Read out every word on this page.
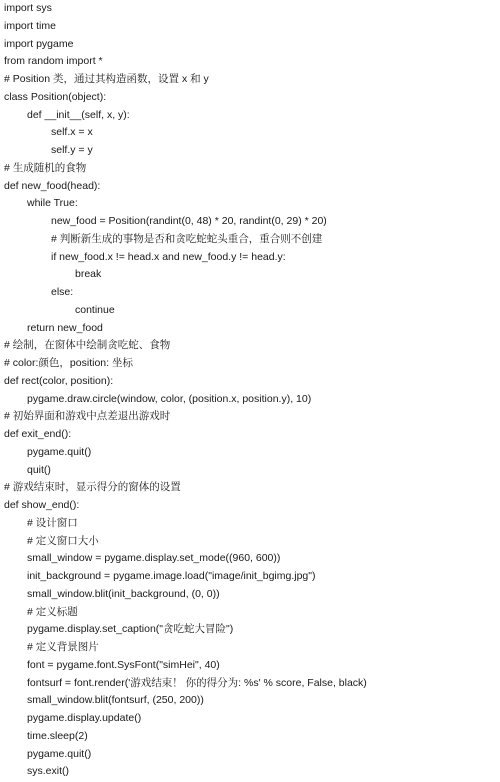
import sys
import time
import pygame
from random import *
# Position 类，通过其构造函数，设置 x 和 y
class Position(object):
def __init__(self, x, y):
self.x = x
self.y = y
# 生成随机的食物
def new_food(head):
while True:
new_food = Position(randint(0, 48) * 20, randint(0, 29) * 20)
# 判断新生成的事物是否和贪吃蛇蛇头重合，重合则不创建
if new_food.x != head.x and new_food.y != head.y:
break
else:
continue
return new_food
# 绘制，在窗体中绘制贪吃蛇、食物
# color:颜色，position: 坐标
def rect(color, position):
pygame.draw.circle(window, color, (position.x, position.y), 10)
# 初始界面和游戏中点差退出游戏时
def exit_end():
pygame.quit()
quit()
# 游戏结束时，显示得分的窗体的设置
def show_end():
# 设计窗口
# 定义窗口大小
small_window = pygame.display.set_mode((960, 600))
init_background = pygame.image.load("image/init_bgimg.jpg")
small_window.blit(init_background, (0, 0))
# 定义标题
pygame.display.set_caption("贪吃蛇大冒险")
# 定义背景图片
font = pygame.font.SysFont("simHei", 40)
fontsurf = font.render('游戏结束！ 你的得分为: %s' % score, False, black)
small_window.blit(fontsurf, (250, 200))
pygame.display.update()
time.sleep(2)
pygame.quit()
sys.exit()
